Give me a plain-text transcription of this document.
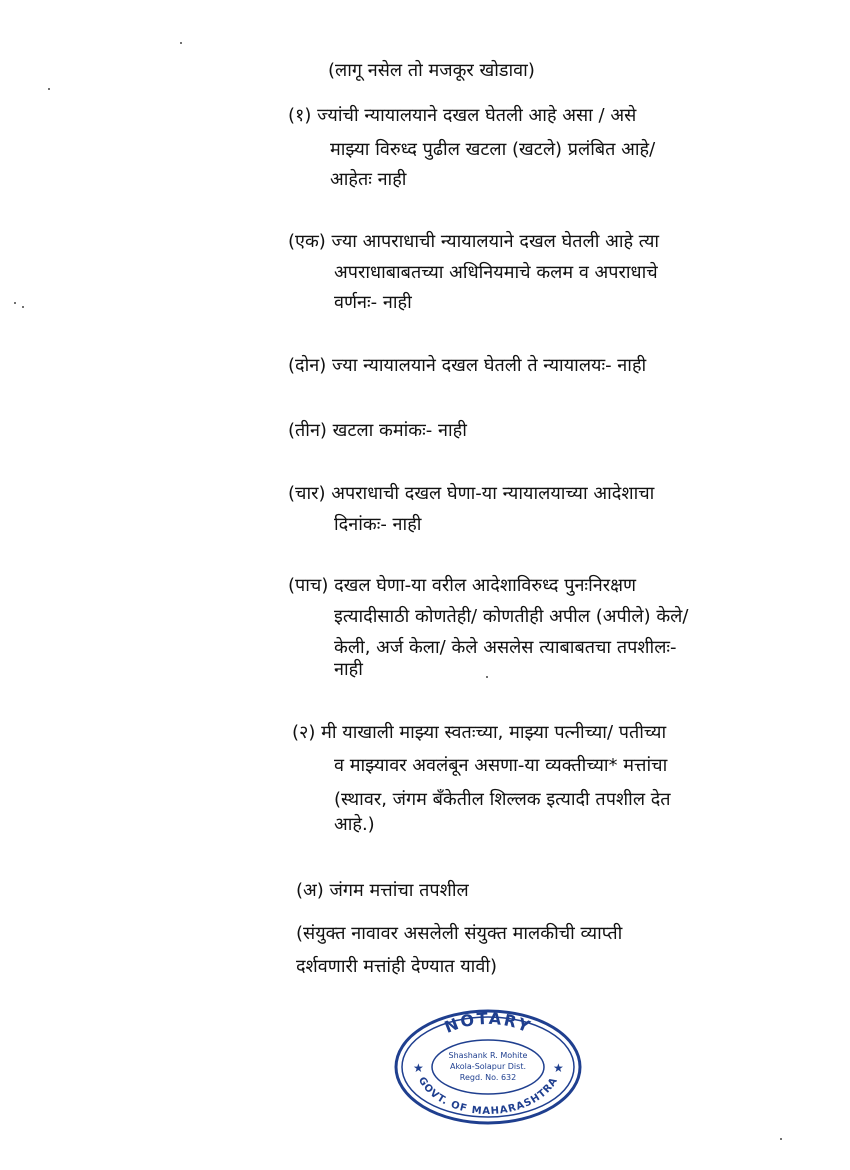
(लागू नसेल तो मजकूर खोडावा)
(१) ज्यांची न्यायालयाने दखल घेतली आहे असा / असे
माझ्या विरुध्द पुढील खटला (खटले) प्रलंबित आहे/
आहेतः नाही
(एक) ज्या आपराधाची न्यायालयाने दखल घेतली आहे त्या
अपराधाबाबतच्या अधिनियमाचे कलम व अपराधाचे
वर्णनः- नाही
(दोन) ज्या न्यायालयाने दखल घेतली ते न्यायालयः- नाही
(तीन) खटला कमांकः- नाही
(चार) अपराधाची दखल घेणा-या न्यायालयाच्या आदेशाचा
दिनांकः- नाही
(पाच) दखल घेणा-या वरील आदेशाविरुध्द पुनःनिरक्षण
इत्यादीसाठी कोणतेही/ कोणतीही अपील (अपीले) केले/
केली, अर्ज केला/ केले असलेस त्याबाबतचा तपशीलः-
नाही
(२) मी याखाली माझ्या स्वतःच्या, माझ्या पत्नीच्या/ पतीच्या
व माझ्यावर अवलंबून असणा-या व्यक्तीच्या* मत्तांचा
(स्थावर, जंगम बँकेतील शिल्लक इत्यादी तपशील देत
आहे.)
(अ) जंगम मत्तांचा तपशील
(संयुक्त नावावर असलेली संयुक्त मालकीची व्याप्ती
दर्शवणारी मत्तांही देण्यात यावी)
NOTARY
GOVT. OF MAHARASHTRA
★	★
Shashank R. Mohite
Akola-Solapur Dist.
Regd. No. 632
